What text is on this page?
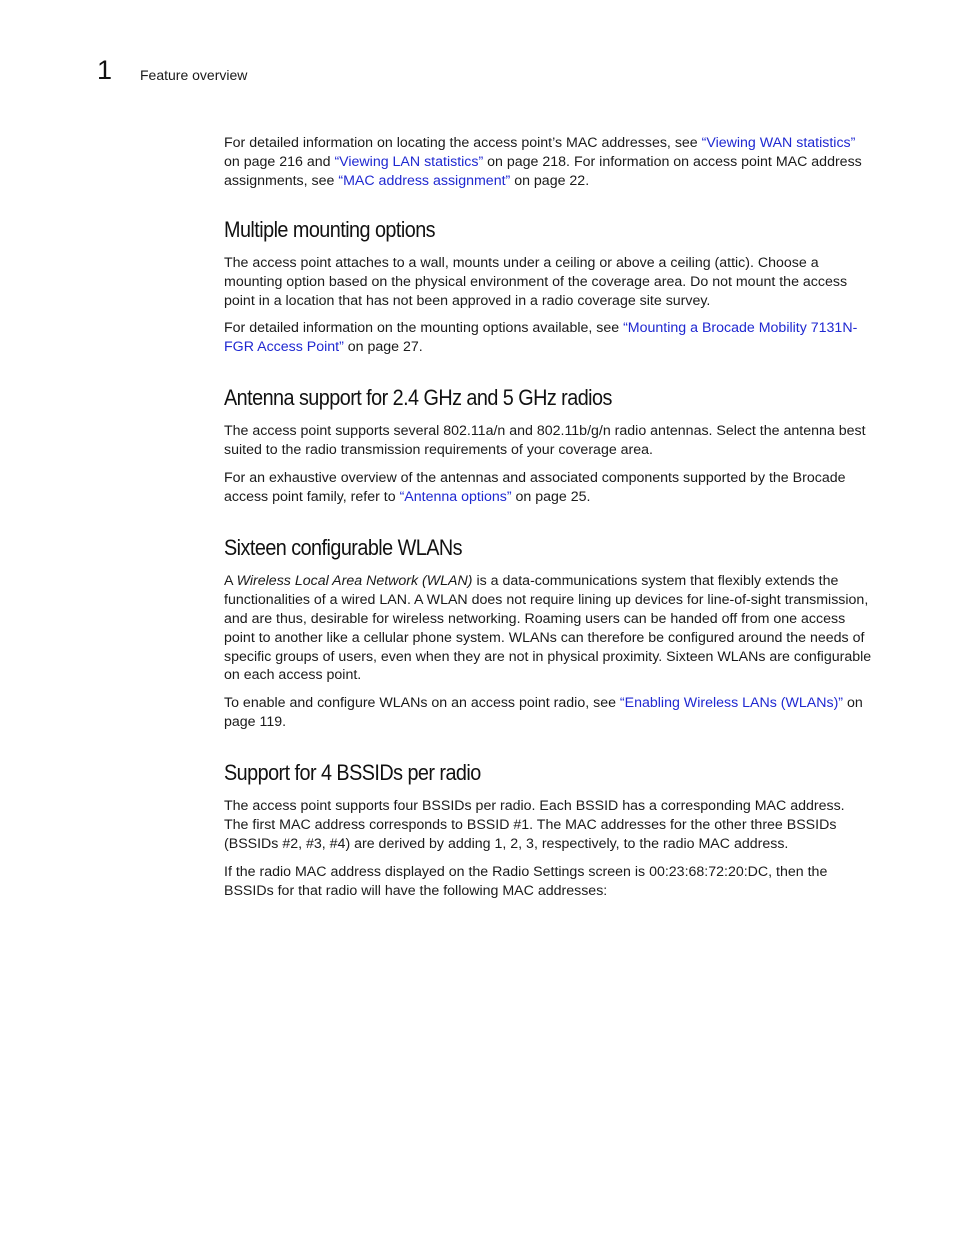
1 Feature overview

For detailed information on locating the access point’s MAC addresses, see “Viewing WAN statistics” on page 216 and “Viewing LAN statistics” on page 218. For information on access point MAC address assignments, see “MAC address assignment” on page 22.

Multiple mounting options

The access point attaches to a wall, mounts under a ceiling or above a ceiling (attic). Choose a mounting option based on the physical environment of the coverage area. Do not mount the access point in a location that has not been approved in a radio coverage site survey.

For detailed information on the mounting options available, see “Mounting a Brocade Mobility 7131N-FGR Access Point” on page 27.

Antenna support for 2.4 GHz and 5 GHz radios

The access point supports several 802.11a/n and 802.11b/g/n radio antennas. Select the antenna best suited to the radio transmission requirements of your coverage area.

For an exhaustive overview of the antennas and associated components supported by the Brocade access point family, refer to “Antenna options” on page 25.

Sixteen configurable WLANs

A Wireless Local Area Network (WLAN) is a data-communications system that flexibly extends the functionalities of a wired LAN. A WLAN does not require lining up devices for line-of-sight transmission, and are thus, desirable for wireless networking. Roaming users can be handed off from one access point to another like a cellular phone system. WLANs can therefore be configured around the needs of specific groups of users, even when they are not in physical proximity. Sixteen WLANs are configurable on each access point.

To enable and configure WLANs on an access point radio, see “Enabling Wireless LANs (WLANs)” on page 119.

Support for 4 BSSIDs per radio

The access point supports four BSSIDs per radio. Each BSSID has a corresponding MAC address. The first MAC address corresponds to BSSID #1. The MAC addresses for the other three BSSIDs (BSSIDs #2, #3, #4) are derived by adding 1, 2, 3, respectively, to the radio MAC address.

If the radio MAC address displayed on the Radio Settings screen is 00:23:68:72:20:DC, then the BSSIDs for that radio will have the following MAC addresses:
